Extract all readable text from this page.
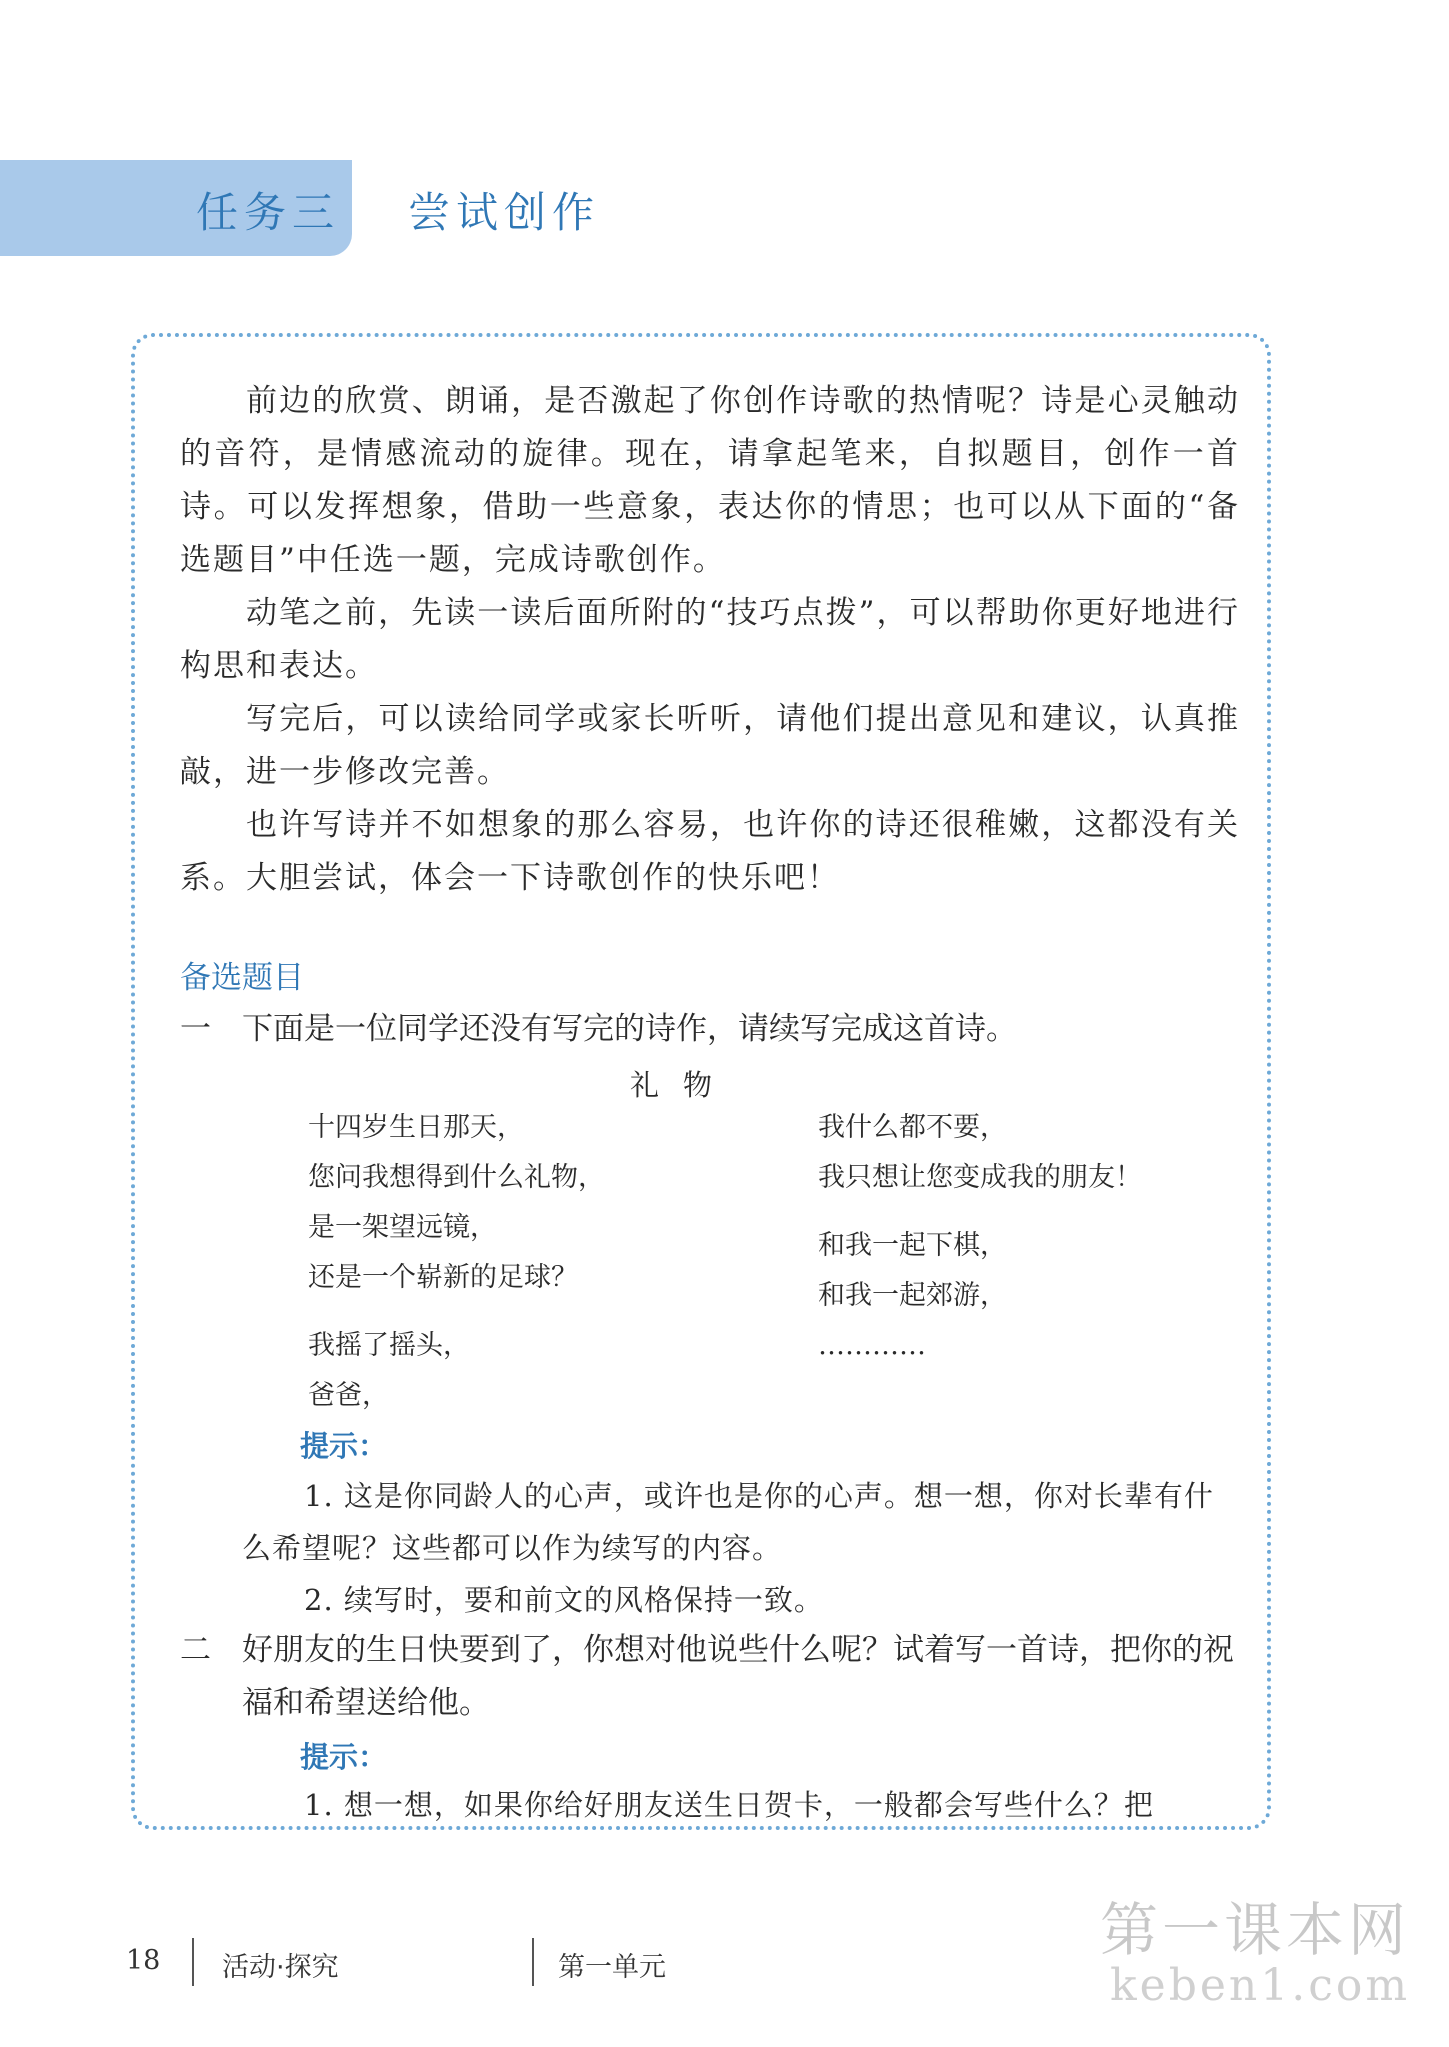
任务三 尝试创作

前边的欣赏、朗诵，是否激起了你创作诗歌的热情呢？诗是心灵触动的音符，是情感流动的旋律。现在，请拿起笔来，自拟题目，创作一首诗。可以发挥想象，借助一些意象，表达你的情思；也可以从下面的“备选题目”中任选一题，完成诗歌创作。

动笔之前，先读一读后面所附的“技巧点拨”，可以帮助你更好地进行构思和表达。

写完后，可以读给同学或家长听听，请他们提出意见和建议，认真推敲，进一步修改完善。

也许写诗并不如想象的那么容易，也许你的诗还很稚嫩，这都没有关系。大胆尝试，体会一下诗歌创作的快乐吧！

备选题目
一 下面是一位同学还没有写完的诗作，请续写完成这首诗。

礼物
十四岁生日那天，
您问我想得到什么礼物，
是一架望远镜，
还是一个崭新的足球？
我摇了摇头，
爸爸，
我什么都不要，
我只想让您变成我的朋友！
和我一起下棋，
和我一起郊游，
…………
提示：

1. 这是你同龄人的心声，或许也是你的心声。想一想，你对长辈有什么希望呢？这些都可以作为续写的内容。

2. 续写时，要和前文的风格保持一致。

二 好朋友的生日快要到了，你想对他说些什么呢？试着写一首诗，把你的祝福和希望送给他。

提示：

1. 想一想，如果你给好朋友送生日贺卡，一般都会写些什么？把

18 活动·探究	第一单元
第一课本网
keben1.com
